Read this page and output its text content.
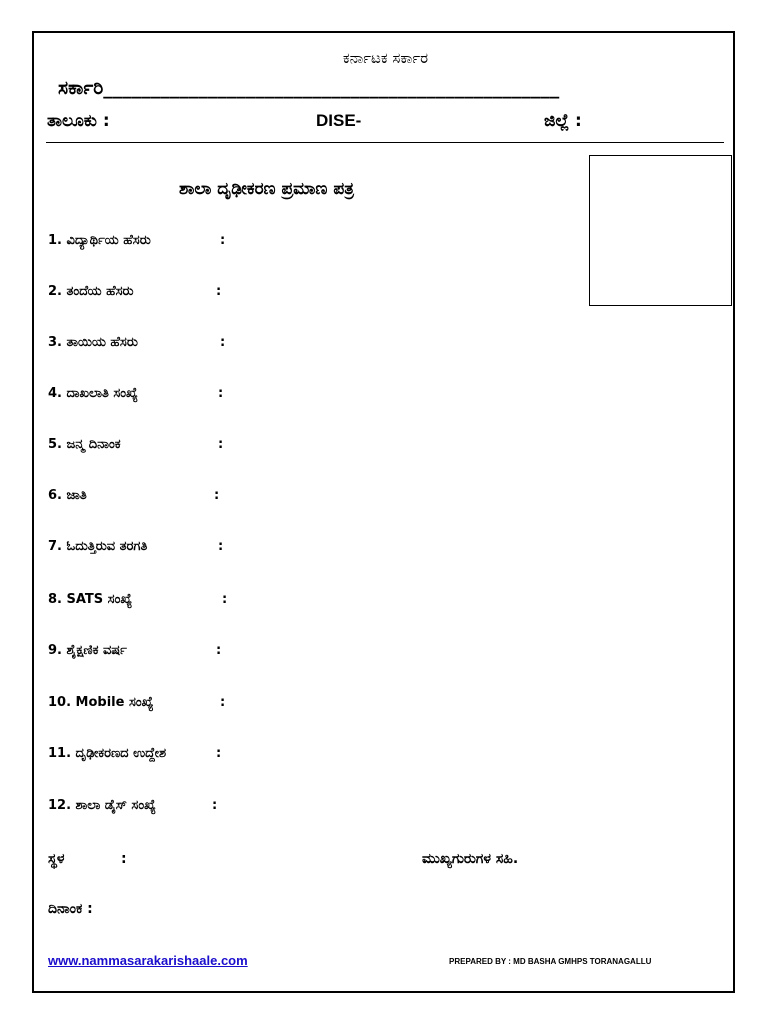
ಕರ್ನಾಟಕ ಸರ್ಕಾರ
ಸರ್ಕಾರಿ________________________________________________
ತಾಲೂಕು :	DISE-	ಜಿಲ್ಲೆ :
ಶಾಲಾ ದೃಢೀಕರಣ ಪ್ರಮಾಣ ಪತ್ರ
1. ವಿದ್ಯಾರ್ಥಿಯ ಹೆಸರು	:
2. ತಂದೆಯ ಹೆಸರು	:
3. ತಾಯಿಯ ಹೆಸರು	:
4. ದಾಖಲಾತಿ ಸಂಖ್ಯೆ	:
5. ಜನ್ಮ ದಿನಾಂಕ	:
6. ಜಾತಿ	:
7. ಓದುತ್ತಿರುವ ತರಗತಿ	:
8. SATS ಸಂಖ್ಯೆ	:
9. ಶೈಕ್ಷಣಿಕ ವರ್ಷ	:
10. Mobile ಸಂಖ್ಯೆ	:
11. ದೃಢೀಕರಣದ ಉದ್ದೇಶ	:
12. ಶಾಲಾ ಡೈಸ್ ಸಂಖ್ಯೆ	:
ಸ್ಥಳ	:	ಮುಖ್ಯಗುರುಗಳ ಸಹಿ.
ದಿನಾಂಕ :
www.nammasarakarishaale.com	PREPARED BY : MD BASHA GMHPS TORANAGALLU
